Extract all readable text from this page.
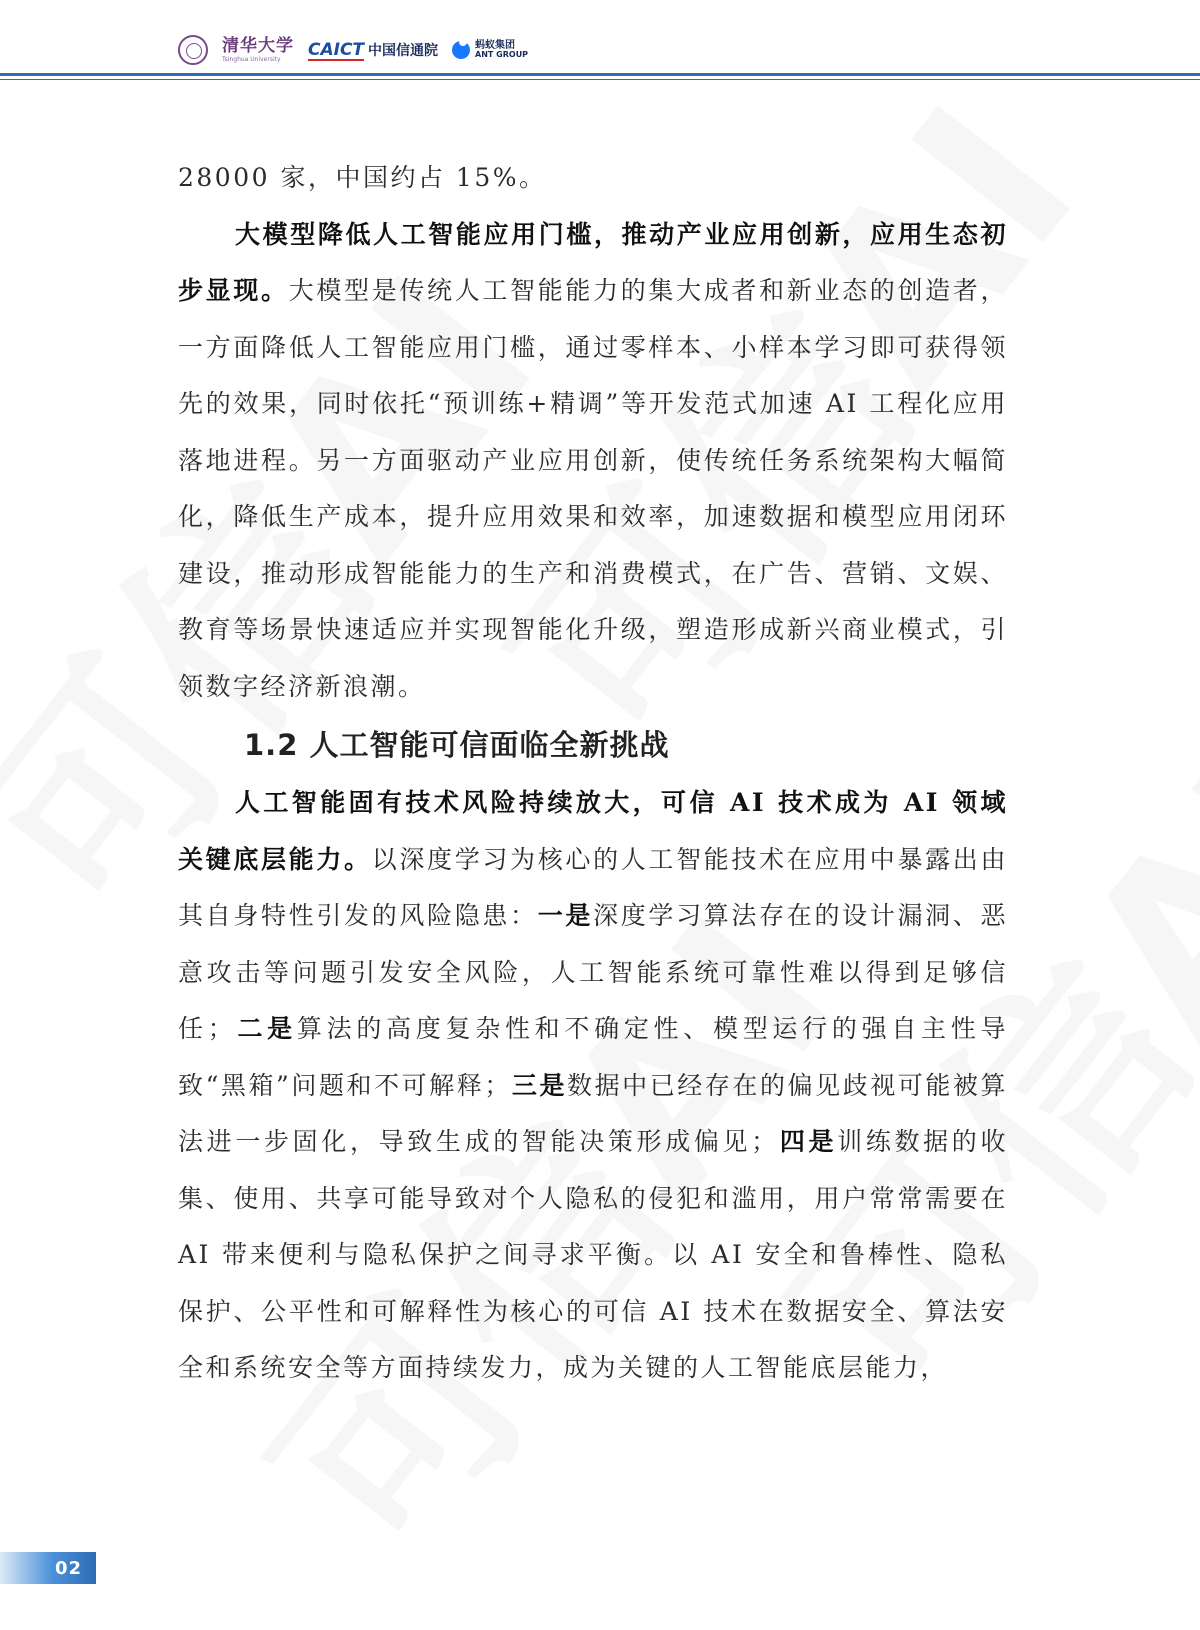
清华大学
Tsinghua University	CAICT 中国信通院	蚂蚁集团
ANT GROUP

28000 家，中国约占 15%。

大模型降低人工智能应用门槛，推动产业应用创新，应用生态初步显现。大模型是传统人工智能能力的集大成者和新业态的创造者，一方面降低人工智能应用门槛，通过零样本、小样本学习即可获得领先的效果，同时依托“预训练+精调”等开发范式加速 AI 工程化应用落地进程。另一方面驱动产业应用创新，使传统任务系统架构大幅简化，降低生产成本，提升应用效果和效率，加速数据和模型应用闭环建设，推动形成智能能力的生产和消费模式，在广告、营销、文娱、教育等场景快速适应并实现智能化升级，塑造形成新兴商业模式，引领数字经济新浪潮。

1.2 人工智能可信面临全新挑战

人工智能固有技术风险持续放大，可信 AI 技术成为 AI 领域关键底层能力。以深度学习为核心的人工智能技术在应用中暴露出由其自身特性引发的风险隐患：一是深度学习算法存在的设计漏洞、恶意攻击等问题引发安全风险，人工智能系统可靠性难以得到足够信任；二是算法的高度复杂性和不确定性、模型运行的强自主性导致“黑箱”问题和不可解释；三是数据中已经存在的偏见歧视可能被算法进一步固化，导致生成的智能决策形成偏见；四是训练数据的收集、使用、共享可能导致对个人隐私的侵犯和滥用，用户常常需要在 AI 带来便利与隐私保护之间寻求平衡。以 AI 安全和鲁棒性、隐私保护、公平性和可解释性为核心的可信 AI 技术在数据安全、算法安全和系统安全等方面持续发力，成为关键的人工智能底层能力，

02
